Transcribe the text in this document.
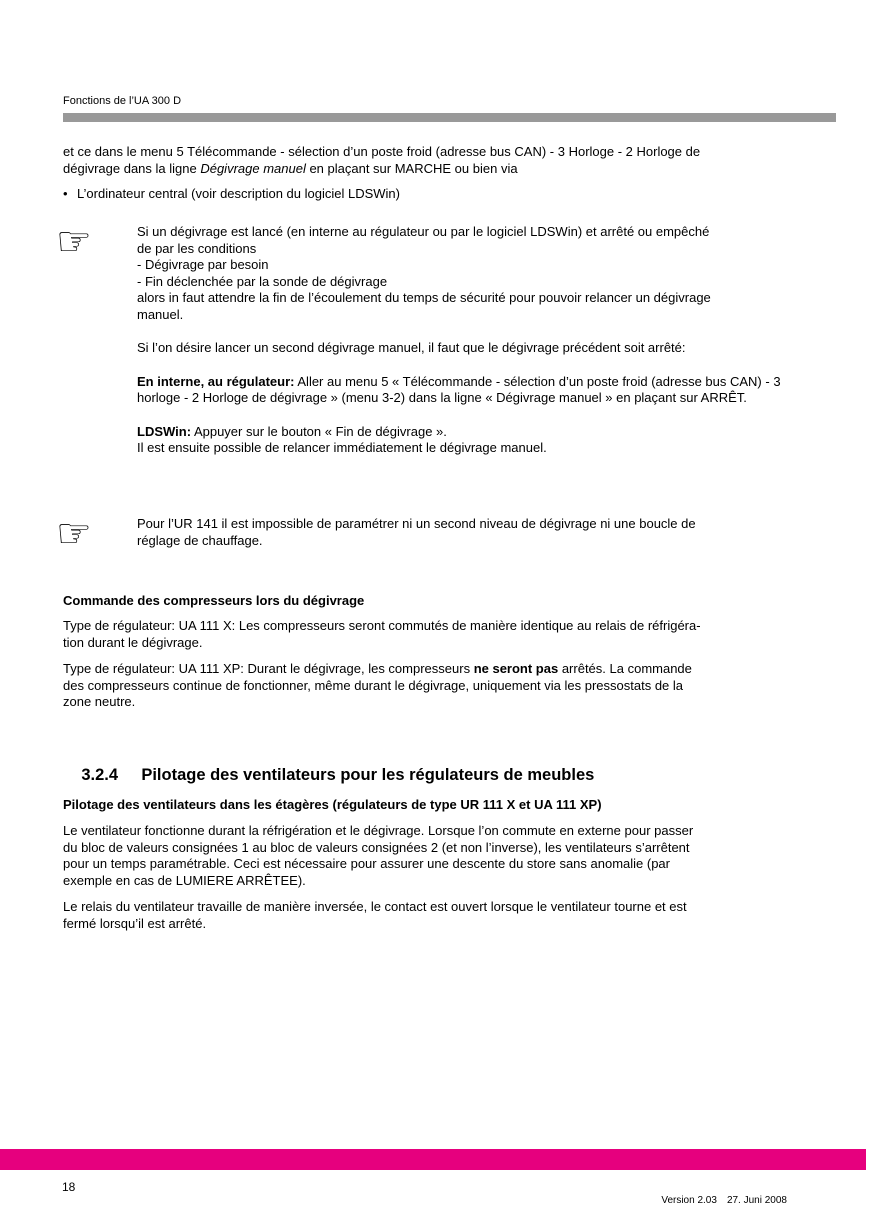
Fonctions de l’UA 300 D
et ce dans le menu 5 Télécommande - sélection d’un poste froid (adresse bus CAN) - 3 Horloge - 2 Horloge de
dégivrage dans la ligne Dégivrage manuel en plaçant sur MARCHE ou bien via
• L’ordinateur central (voir description du logiciel LDSWin)
☞	Si un dégivrage est lancé (en interne au régulateur ou par le logiciel LDSWin) et arrêté ou empêché
de par les conditions
- Dégivrage par besoin
- Fin déclenchée par la sonde de dégivrage
alors in faut attendre la fin de l’écoulement du temps de sécurité pour pouvoir relancer un dégivrage
manuel.
Si l’on désire lancer un second dégivrage manuel, il faut que le dégivrage précédent soit arrêté:
En interne, au régulateur: Aller au menu 5 « Télécommande - sélection d’un poste froid (adresse bus CAN) - 3 horloge - 2 Horloge de dégivrage » (menu 3-2) dans la ligne « Dégivrage manuel » en plaçant sur ARRÊT.
LDSWin: Appuyer sur le bouton « Fin de dégivrage ».
Il est ensuite possible de relancer immédiatement le dégivrage manuel.
☞	Pour l’UR 141 il est impossible de paramétrer ni un second niveau de dégivrage ni une boucle de
réglage de chauffage.
Commande des compresseurs lors du dégivrage
Type de régulateur: UA 111 X: Les compresseurs seront commutés de manière identique au relais de réfrigéra-
tion durant le dégivrage.
Type de régulateur: UA 111 XP: Durant le dégivrage, les compresseurs ne seront pas arrêtés. La commande
des compresseurs continue de fonctionner, même durant le dégivrage, uniquement via les pressostats de la
zone neutre.

3.2.4 Pilotage des ventilateurs pour les régulateurs de meubles

Pilotage des ventilateurs dans les étagères (régulateurs de type UR 111 X et UA 111 XP)
Le ventilateur fonctionne durant la réfrigération et le dégivrage. Lorsque l’on commute en externe pour passer
du bloc de valeurs consignées 1 au bloc de valeurs consignées 2 (et non l’inverse), les ventilateurs s’arrêtent
pour un temps paramétrable. Ceci est nécessaire pour assurer une descente du store sans anomalie (par
exemple en cas de LUMIERE ARRÊTEE).
Le relais du ventilateur travaille de manière inversée, le contact est ouvert lorsque le ventilateur tourne et est
fermé lorsqu’il est arrêté.
18

Version 2.03 27. Juni 2008
